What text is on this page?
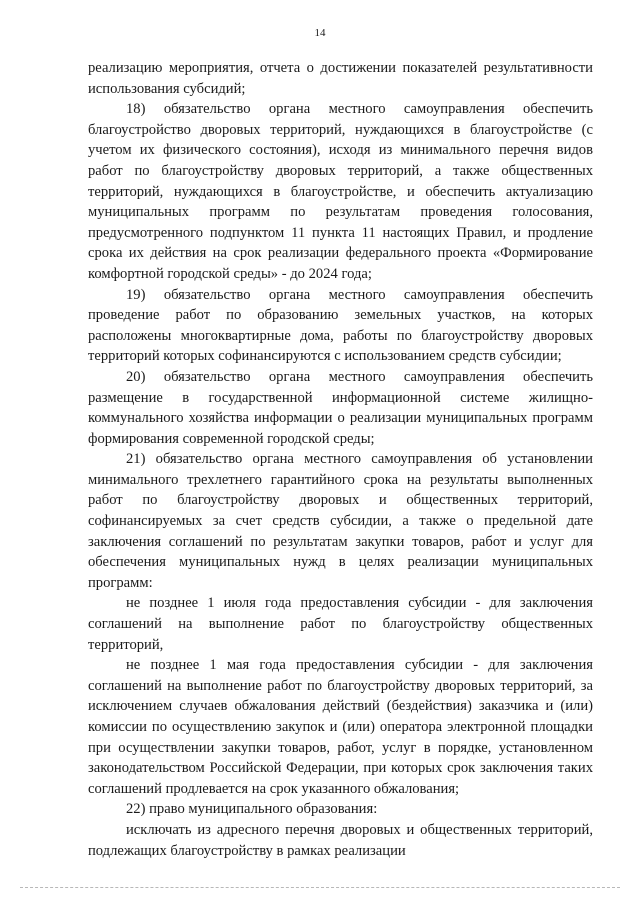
14

реализацию мероприятия, отчета о достижении показателей результативности использования субсидий;

18) обязательство органа местного самоуправления обеспечить благоустройство дворовых территорий, нуждающихся в благоустройстве (с учетом их физического состояния), исходя из минимального перечня видов работ по благоустройству дворовых территорий, а также общественных территорий, нуждающихся в благоустройстве, и обеспечить актуализацию муниципальных программ по результатам проведения голосования, предусмотренного подпунктом 11 пункта 11 настоящих Правил, и продление срока их действия на срок реализации федерального проекта «Формирование комфортной городской среды» - до 2024 года;

19) обязательство органа местного самоуправления обеспечить проведение работ по образованию земельных участков, на которых расположены многоквартирные дома, работы по благоустройству дворовых территорий которых софинансируются с использованием средств субсидии;

20) обязательство органа местного самоуправления обеспечить размещение в государственной информационной системе жилищно-коммунального хозяйства информации о реализации муниципальных программ формирования современной городской среды;

21) обязательство органа местного самоуправления об установлении минимального трехлетнего гарантийного срока на результаты выполненных работ по благоустройству дворовых и общественных территорий, софинансируемых за счет средств субсидии, а также о предельной дате заключения соглашений по результатам закупки товаров, работ и услуг для обеспечения муниципальных нужд в целях реализации муниципальных программ:

не позднее 1 июля года предоставления субсидии - для заключения соглашений на выполнение работ по благоустройству общественных территорий,

не позднее 1 мая года предоставления субсидии - для заключения соглашений на выполнение работ по благоустройству дворовых территорий, за исключением случаев обжалования действий (бездействия) заказчика и (или) комиссии по осуществлению закупок и (или) оператора электронной площадки при осуществлении закупки товаров, работ, услуг в порядке, установленном законодательством Российской Федерации, при которых срок заключения таких соглашений продлевается на срок указанного обжалования;

22) право муниципального образования:

исключать из адресного перечня дворовых и общественных территорий, подлежащих благоустройству в рамках реализации
